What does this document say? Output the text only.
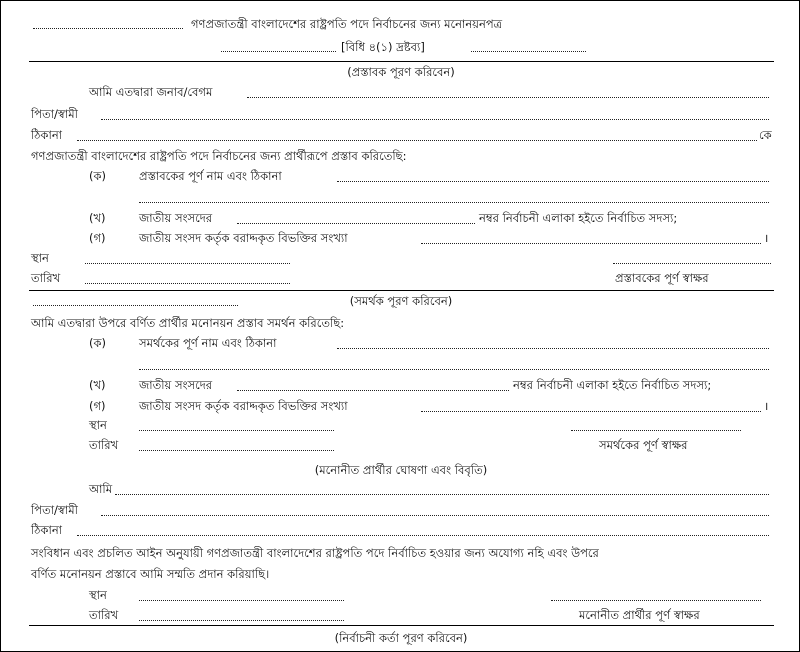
গণপ্রজাতন্ত্রী বাংলাদেশের রাষ্ট্রপতি পদে নির্বাচনের জন্য মনোনয়নপত্র
[বিধি ৪(১) দ্রষ্টব্য]
(প্রস্তাবক পূরণ করিবেন)
আমি এতদ্বারা জনাব/বেগম
পিতা/স্বামী
ঠিকানা	কে
গণপ্রজাতন্ত্রী বাংলাদেশের রাষ্ট্রপতি পদে নির্বাচনের জন্য প্রার্থীরূপে প্রস্তাব করিতেছি:
(ক)	প্রস্তাবকের পূর্ণ নাম এবং ঠিকানা
(খ)	জাতীয় সংসদের	নম্বর নির্বাচনী এলাকা হইতে নির্বাচিত সদস্য;
(গ)	জাতীয় সংসদ কর্তৃক বরাদ্দকৃত বিভক্তির সংখ্যা	।
স্থান
তারিখ	প্রস্তাবকের পূর্ণ স্বাক্ষর
(সমর্থক পূরণ করিবেন)
আমি এতদ্বারা উপরে বর্ণিত প্রার্থীর মনোনয়ন প্রস্তাব সমর্থন করিতেছি:
(ক)	সমর্থকের পূর্ণ নাম এবং ঠিকানা
(খ)	জাতীয় সংসদের	নম্বর নির্বাচনী এলাকা হইতে নির্বাচিত সদস্য;
(গ)	জাতীয় সংসদ কর্তৃক বরাদ্দকৃত বিভক্তির সংখ্যা	।
স্থান
তারিখ	সমর্থকের পূর্ণ স্বাক্ষর
(মনোনীত প্রার্থীর ঘোষণা এবং বিবৃতি)
আমি
পিতা/স্বামী
ঠিকানা
সংবিধান এবং প্রচলিত আইন অনুযায়ী গণপ্রজাতন্ত্রী বাংলাদেশের রাষ্ট্রপতি পদে নির্বাচিত হওয়ার জন্য অযোগ্য নহি এবং উপরে
বর্ণিত মনোনয়ন প্রস্তাবে আমি সম্মতি প্রদান করিয়াছি।
স্থান
তারিখ	মনোনীত প্রার্থীর পূর্ণ স্বাক্ষর
(নির্বাচনী কর্তা পূরণ করিবেন)
